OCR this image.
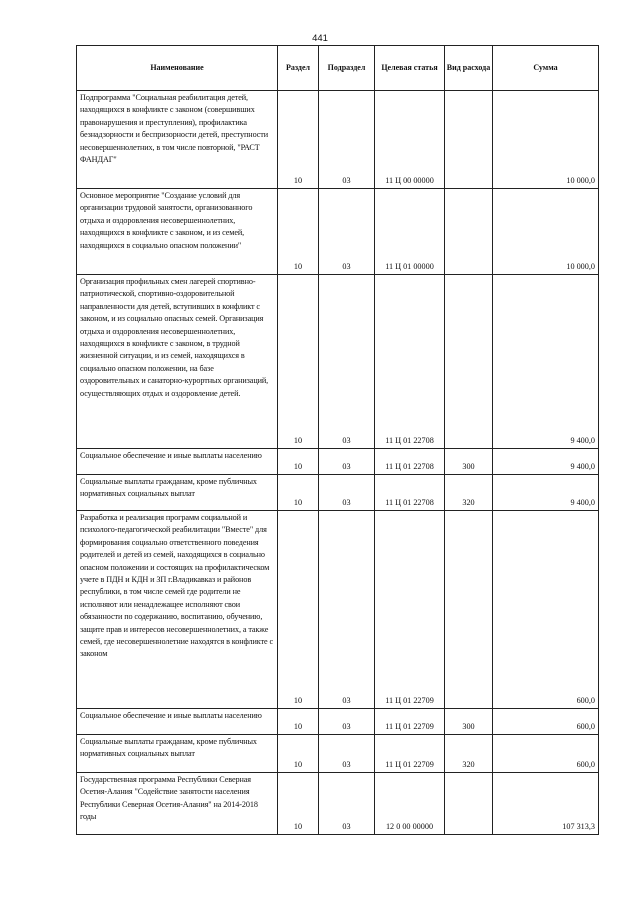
441
Наименование	Раздел	Подраздел	Целевая статья	Вид расхода	Сумма
Подпрограмма "Социальная реабилитация детей, находящихся в конфликте с законом (совершивших правонарушения и преступления), профилактика безнадзорности и беспризорности детей, преступности несовершеннолетних, в том числе повторной, "РАСТ ФАНДАГ"	10	03	11 Ц 00 00000		10 000,0
Основное мероприятие "Создание условий для организации трудовой занятости, организованного отдыха и оздоровления несовершеннолетних, находящихся в конфликте с законом, и из семей, находящихся в социально опасном положении"	10	03	11 Ц 01 00000		10 000,0
Организация профильных смен лагерей спортивно-патриотической, спортивно-оздоровительной направленности для детей, вступивших в конфликт с законом, и из социально опасных семей. Организация отдыха и оздоровления несовершеннолетних, находящихся в конфликте с законом, в трудной жизненной ситуации, и из семей, находящихся в социально опасном положении, на базе оздоровительных и санаторно-курортных организаций, осуществляющих отдых и оздоровление детей.	10	03	11 Ц 01 22708		9 400,0
Социальное обеспечение и иные выплаты населению	10	03	11 Ц 01 22708	300	9 400,0
Социальные выплаты гражданам, кроме публичных нормативных социальных выплат	10	03	11 Ц 01 22708	320	9 400,0
Разработка и реализация программ социальной и психолого-педагогической реабилитации "Вместе" для формирования социально ответственного поведения родителей и детей из семей, находящихся в социально опасном положении и состоящих на профилактическом учете в ПДН и КДН и ЗП г.Владикавказ и районов республики, в том числе семей где родители не исполняют или ненадлежащее исполняют свои обязанности по содержанию, воспитанию, обучению, защите прав и интересов несовершеннолетних, а также семей, где несовершеннолетние находятся в конфликте с законом	10	03	11 Ц 01 22709		600,0
Социальное обеспечение и иные выплаты населению	10	03	11 Ц 01 22709	300	600,0
Социальные выплаты гражданам, кроме публичных нормативных социальных выплат	10	03	11 Ц 01 22709	320	600,0
Государственная программа Республики Северная Осетия-Алания "Содействие занятости населения Республики Северная Осетия-Алания" на 2014-2018 годы	10	03	12 0 00 00000		107 313,3
